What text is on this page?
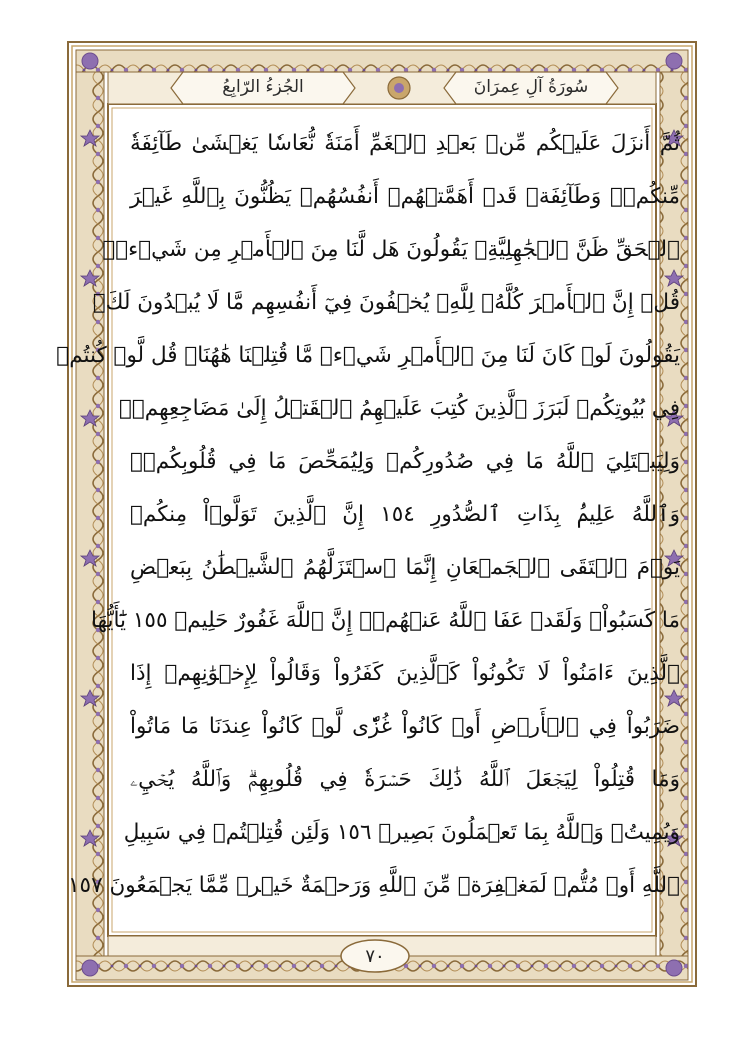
الجُزءُ الرّابِعُ	سُورَةُ آلِ عِمرَانَ
ثُمَّ أَنزَلَ عَلَيۡكُم مِّنۢ بَعۡدِ ٱلۡغَمِّ أَمَنَةٗ نُّعَاسٗا يَغۡشَىٰ طَآئِفَةٗ
مِّنكُمۡۖ وَطَآئِفَةٞ قَدۡ أَهَمَّتۡهُمۡ أَنفُسُهُمۡ يَظُنُّونَ بِٱللَّهِ غَيۡرَ
ٱلۡحَقِّ ظَنَّ ٱلۡجَٰهِلِيَّةِۖ يَقُولُونَ هَل لَّنَا مِنَ ٱلۡأَمۡرِ مِن شَيۡءٖۗ
قُلۡ إِنَّ ٱلۡأَمۡرَ كُلَّهُۥ لِلَّهِۗ يُخۡفُونَ فِيٓ أَنفُسِهِم مَّا لَا يُبۡدُونَ لَكَۖ
يَقُولُونَ لَوۡ كَانَ لَنَا مِنَ ٱلۡأَمۡرِ شَيۡءٞ مَّا قُتِلۡنَا هَٰهُنَاۗ قُل لَّوۡ كُنتُمۡ
فِي بُيُوتِكُمۡ لَبَرَزَ ٱلَّذِينَ كُتِبَ عَلَيۡهِمُ ٱلۡقَتۡلُ إِلَىٰ مَضَاجِعِهِمۡۖ
وَلِيَبۡتَلِيَ ٱللَّهُ مَا فِي صُدُورِكُمۡ وَلِيُمَحِّصَ مَا فِي قُلُوبِكُمۡۚ
وَٱللَّهُ عَلِيمُۢ بِذَاتِ ٱلصُّدُورِ ١٥٤ إِنَّ ٱلَّذِينَ تَوَلَّوۡاْ مِنكُمۡ
يَوۡمَ ٱلۡتَقَى ٱلۡجَمۡعَانِ إِنَّمَا ٱسۡتَزَلَّهُمُ ٱلشَّيۡطَٰنُ بِبَعۡضِ
مَا كَسَبُواْۖ وَلَقَدۡ عَفَا ٱللَّهُ عَنۡهُمۡۗ إِنَّ ٱللَّهَ غَفُورٌ حَلِيمٞ ١٥٥ يَٰٓأَيُّهَا
ٱلَّذِينَ ءَامَنُواْ لَا تَكُونُواْ كَٱلَّذِينَ كَفَرُواْ وَقَالُواْ لِإِخۡوَٰنِهِمۡ إِذَا
ضَرَبُواْ فِي ٱلۡأَرۡضِ أَوۡ كَانُواْ غُزّٗى لَّوۡ كَانُواْ عِندَنَا مَا مَاتُواْ
وَمَا قُتِلُواْ لِيَجۡعَلَ ٱللَّهُ ذَٰلِكَ حَسۡرَةٗ فِي قُلُوبِهِمۡۗ وَٱللَّهُ يُحۡيِۦ
وَيُمِيتُۗ وَٱللَّهُ بِمَا تَعۡمَلُونَ بَصِيرٞ ١٥٦ وَلَئِن قُتِلۡتُمۡ فِي سَبِيلِ
ٱللَّهِ أَوۡ مُتُّمۡ لَمَغۡفِرَةٞ مِّنَ ٱللَّهِ وَرَحۡمَةٌ خَيۡرٞ مِّمَّا يَجۡمَعُونَ ١٥٧
٧٠
